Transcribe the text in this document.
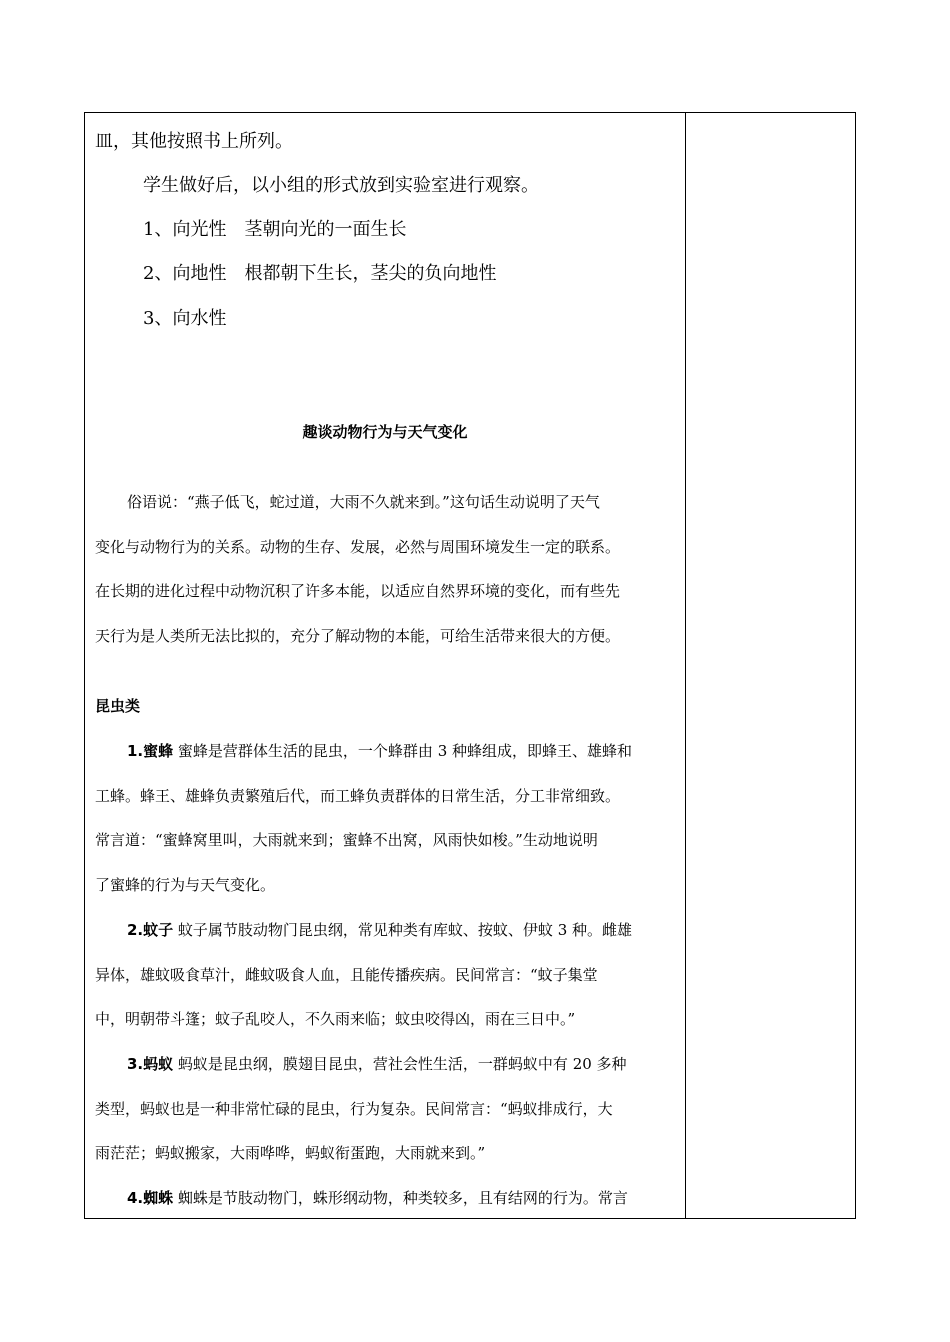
皿，其他按照书上所列。
学生做好后，以小组的形式放到实验室进行观察。
1、向光性　茎朝向光的一面生长
2、向地性　根都朝下生长，茎尖的负向地性
3、向水性
趣谈动物行为与天气变化
俗语说：“燕子低飞，蛇过道，大雨不久就来到。”这句话生动说明了天气
变化与动物行为的关系。动物的生存、发展，必然与周围环境发生一定的联系。
在长期的进化过程中动物沉积了许多本能，以适应自然界环境的变化，而有些先
天行为是人类所无法比拟的，充分了解动物的本能，可给生活带来很大的方便。
昆虫类
1.蜜蜂 蜜蜂是营群体生活的昆虫，一个蜂群由 3 种蜂组成，即蜂王、雄蜂和
工蜂。蜂王、雄蜂负责繁殖后代，而工蜂负责群体的日常生活，分工非常细致。
常言道：“蜜蜂窝里叫，大雨就来到；蜜蜂不出窝，风雨快如梭。”生动地说明
了蜜蜂的行为与天气变化。
2.蚊子 蚊子属节肢动物门昆虫纲，常见种类有库蚊、按蚊、伊蚊 3 种。雌雄
异体，雄蚊吸食草汁，雌蚊吸食人血，且能传播疾病。民间常言：“蚊子集堂
中，明朝带斗篷；蚊子乱咬人，不久雨来临；蚊虫咬得凶，雨在三日中。”
3.蚂蚁 蚂蚁是昆虫纲，膜翅目昆虫，营社会性生活，一群蚂蚁中有 20 多种
类型，蚂蚁也是一种非常忙碌的昆虫，行为复杂。民间常言：“蚂蚁排成行，大
雨茫茫；蚂蚁搬家，大雨哗哗，蚂蚁衔蛋跑，大雨就来到。”
4.蜘蛛 蜘蛛是节肢动物门，蛛形纲动物，种类较多，且有结网的行为。常言
